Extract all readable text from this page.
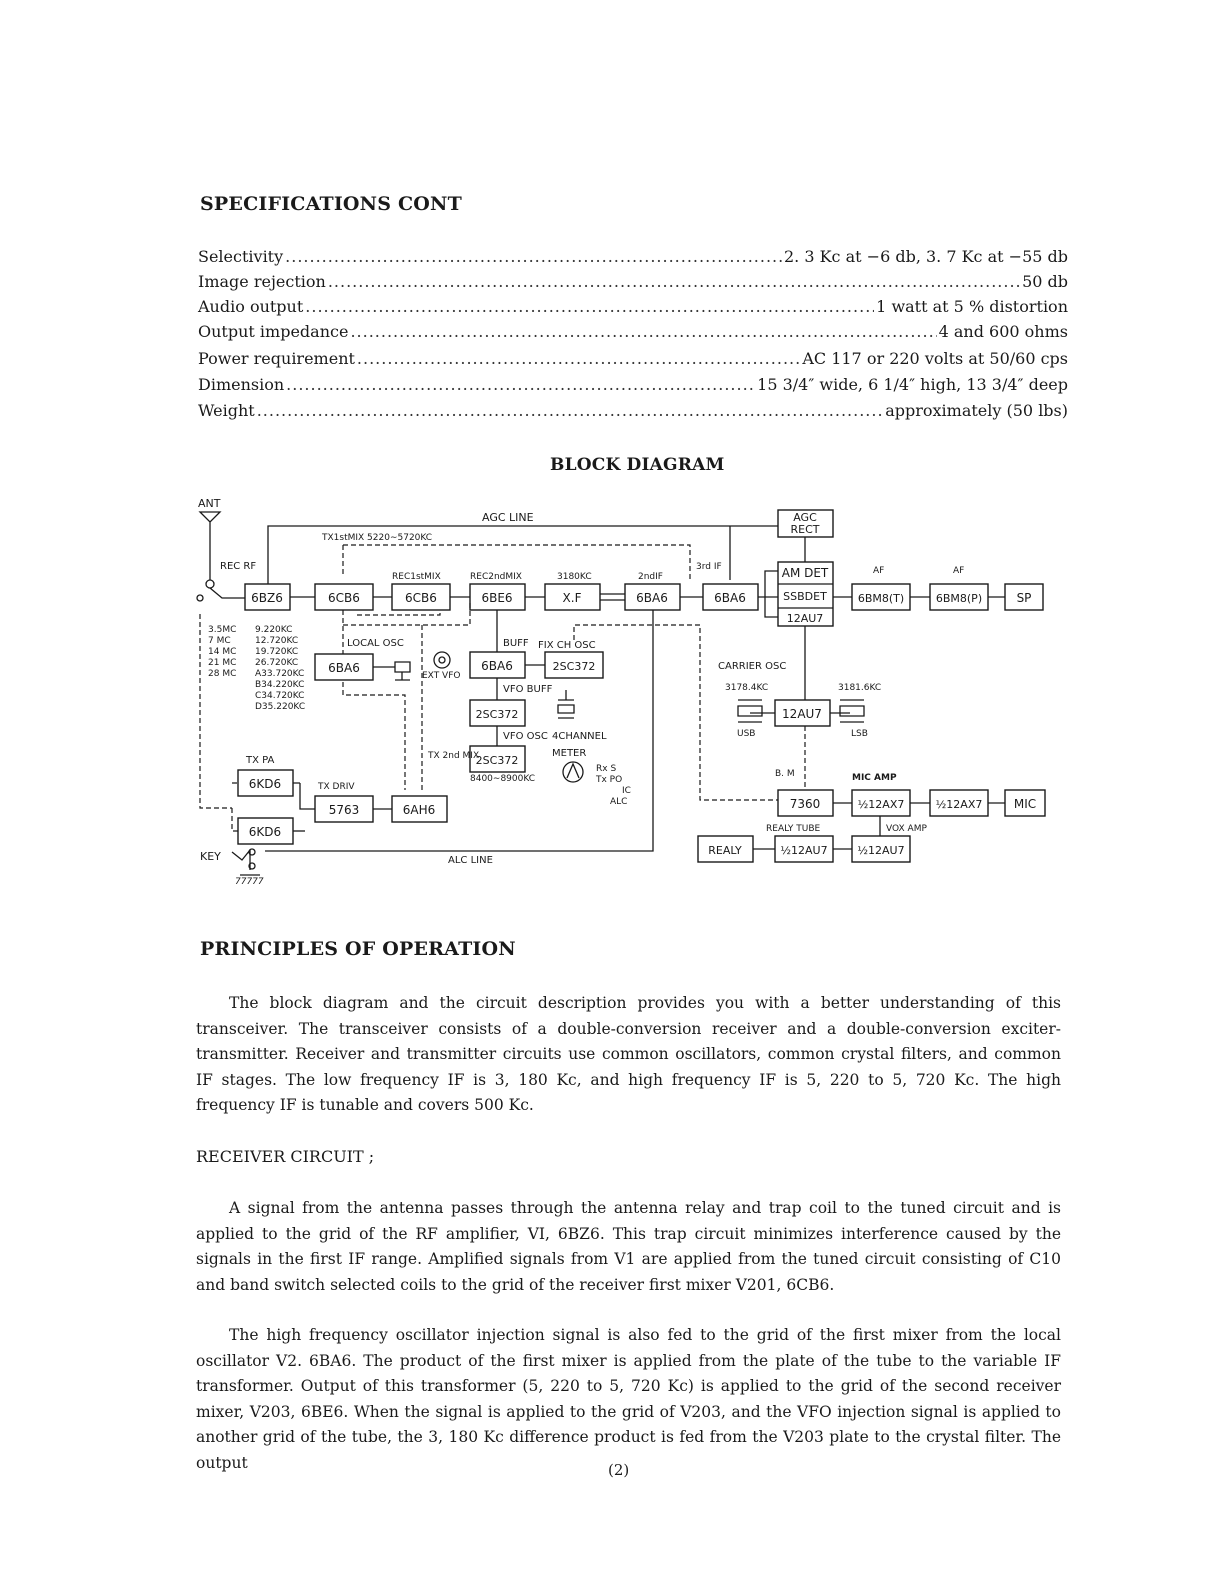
SPECIFICATIONS CONT
Selectivity .....	2. 3 Kc at −6 db, 3. 7 Kc at −55 db
Image rejection .....	50 db
Audio output .....	1 watt at 5 % distortion
Output impedance .....	4 and 600 ohms
Power requirement .....	AC 117 or 220 volts at 50/60 cps
Dimension .....	15 3/4″ wide, 6 1/4″ high, 13 3/4″ deep
Weight .....	approximately (50 lbs)
BLOCK DIAGRAM
ANT
REC RF
AGC LINE	AGC
RECT
TX1stMIX 5220∼5720KC
6BZ6	6CB6	6CB6
REC1stMIX
6BE6
REC2ndMIX
X.F
3180KC
6BA6
2ndIF
6BA6
3rd IF	AM DET
SSBDET
12AU7
AF
6BM8(T)
AF
6BM8(P)	SP
3.5MC
7 MC
14 MC
21 MC
28 MC
9.220KC
12.720KC
19.720KC
26.720KC
A33.720KC
B34.220KC
C34.720KC
D35.220KC
LOCAL OSC
6BA6
EXT VFO
BUFF FIX CH OSC
6BA6	2SC372
VFO BUFF
2SC372
VFO OSC 4CHANNEL
2SC372
8400∼8900KC
METER
Rx S
Tx PO
IC
ALC
TX 2nd MIX
TX PA
6KD6	TX DRIV
5763	6AH6
6KD6
ALC LINE
KEY
77777
CARRIER OSC
3178.4KC	3181.6KC
12AU7
USB	LSB
B. M
7360
MIC AMP
½12AX7	½12AX7	MIC
REALY TUBE	VOX AMP
REALY	½12AU7	½12AU7
PRINCIPLES OF OPERATION

The block diagram and the circuit description provides you with a better understanding of this transceiver. The transceiver consists of a double-conversion receiver and a double-conversion exciter-transmitter. Receiver and transmitter circuits use common oscillators, common crystal filters, and common IF stages. The low frequency IF is 3, 180 Kc, and high frequency IF is 5, 220 to 5, 720 Kc. The high frequency IF is tunable and covers 500 Kc.

RECEIVER CIRCUIT ;

A signal from the antenna passes through the antenna relay and trap coil to the tuned circuit and is applied to the grid of the RF amplifier, VI, 6BZ6. This trap circuit minimizes interference caused by the signals in the first IF range. Amplified signals from V1 are applied from the tuned circuit consisting of C10 and band switch selected coils to the grid of the receiver first mixer V201, 6CB6.

The high frequency oscillator injection signal is also fed to the grid of the first mixer from the local oscillator V2. 6BA6. The product of the first mixer is applied from the plate of the tube to the variable IF transformer. Output of this transformer (5, 220 to 5, 720 Kc) is applied to the grid of the second receiver mixer, V203, 6BE6. When the signal is applied to the grid of V203, and the VFO injection signal is applied to another grid of the tube, the 3, 180 Kc difference product is fed from the V203 plate to the crystal filter. The output	(2)
